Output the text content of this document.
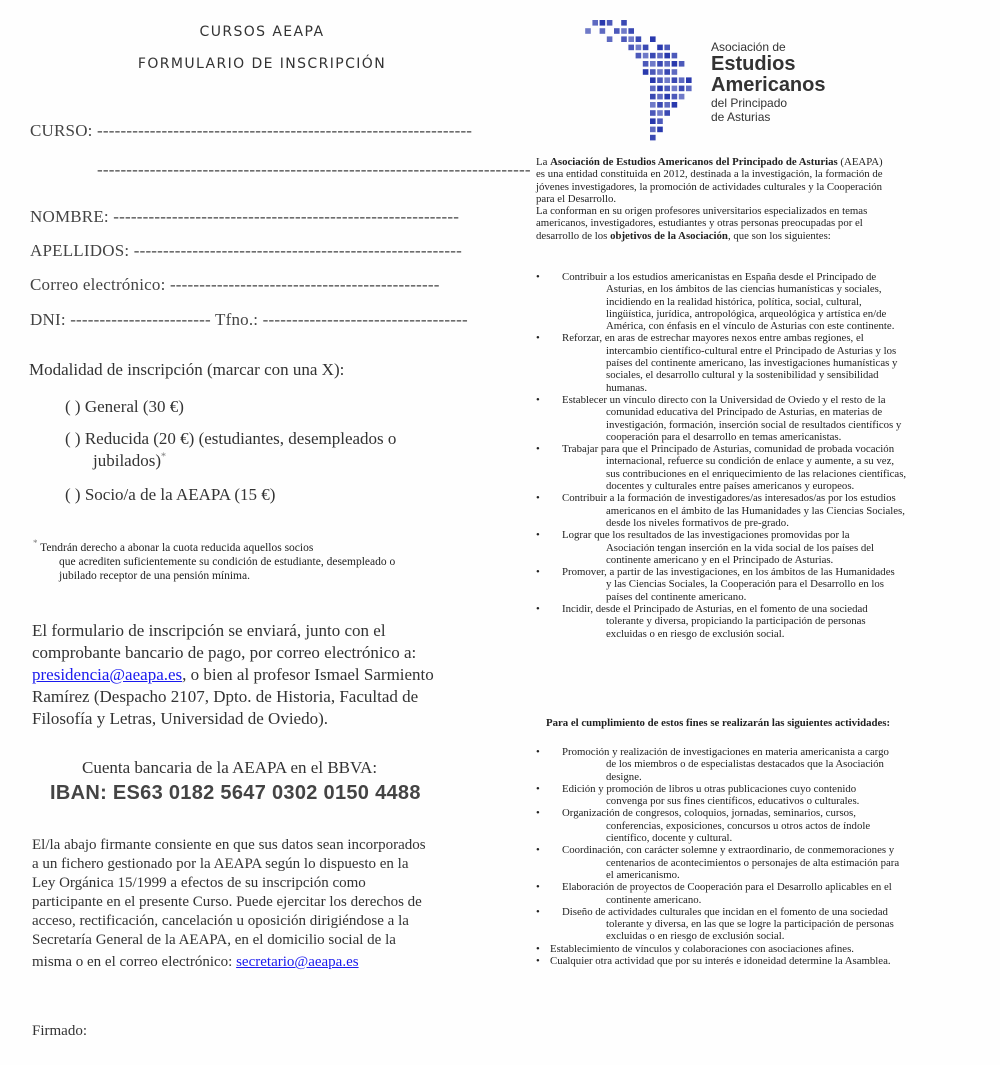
CURSOS AEAPA
FORMULARIO DE INSCRIPCIÓN
CURSO: ----------------------------------------------------------------
--------------------------------------------------------------------------
NOMBRE: -----------------------------------------------------------
APELLIDOS: --------------------------------------------------------
Correo electrónico: ----------------------------------------------
DNI: ------------------------ Tfno.: -----------------------------------
Modalidad de inscripción (marcar con una X):
( ) General (30 €)
( ) Reducida (20 €) (estudiantes, desempleados o
jubilados)*
( ) Socio/a de la AEAPA (15 €)
* Tendrán derecho a abonar la cuota reducida aquellos socios
que acrediten suficientemente su condición de estudiante, desempleado o
jubilado receptor de una pensión mínima.
El formulario de inscripción se enviará, junto con el
comprobante bancario de pago, por correo electrónico a:
presidencia@aeapa.es, o bien al profesor Ismael Sarmiento
Ramírez (Despacho 2107, Dpto. de Historia, Facultad de
Filosofía y Letras, Universidad de Oviedo).
Cuenta bancaria de la AEAPA en el BBVA:
IBAN: ES63 0182 5647 0302 0150 4488
El/la abajo firmante consiente en que sus datos sean incorporados
a un fichero gestionado por la AEAPA según lo dispuesto en la
Ley Orgánica 15/1999 a efectos de su inscripción como
participante en el presente Curso. Puede ejercitar los derechos de
acceso, rectificación, cancelación u oposición dirigiéndose a la
Secretaría General de la AEAPA, en el domicilio social de la
misma o en el correo electrónico: secretario@aeapa.es
Firmado:
Asociación de
Estudios
Americanos
del Principado
de Asturias
La Asociación de Estudios Americanos del Principado de Asturias (AEAPA)
es una entidad constituida en 2012, destinada a la investigación, la formación de
jóvenes investigadores, la promoción de actividades culturales y la Cooperación
para el Desarrollo.
La conforman en su origen profesores universitarios especializados en temas
americanos, investigadores, estudiantes y otras personas preocupadas por el
desarrollo de los objetivos de la Asociación, que son los siguientes:
• Contribuir a los estudios americanistas en España desde el Principado de
Asturias, en los ámbitos de las ciencias humanísticas y sociales,
incidiendo en la realidad histórica, política, social, cultural,
lingüística, jurídica, antropológica, arqueológica y artística en/de
América, con énfasis en el vínculo de Asturias con este continente.
• Reforzar, en aras de estrechar mayores nexos entre ambas regiones, el
intercambio científico-cultural entre el Principado de Asturias y los
países del continente americano, las investigaciones humanísticas y
sociales, el desarrollo cultural y la sostenibilidad y sensibilidad
humanas.
• Establecer un vínculo directo con la Universidad de Oviedo y el resto de la
comunidad educativa del Principado de Asturias, en materias de
investigación, formación, inserción social de resultados científicos y
cooperación para el desarrollo en temas americanistas.
• Trabajar para que el Principado de Asturias, comunidad de probada vocación
internacional, refuerce su condición de enlace y aumente, a su vez,
sus contribuciones en el enriquecimiento de las relaciones científicas,
docentes y culturales entre países americanos y europeos.
• Contribuir a la formación de investigadores/as interesados/as por los estudios
americanos en el ámbito de las Humanidades y las Ciencias Sociales,
desde los niveles formativos de pre-grado.
• Lograr que los resultados de las investigaciones promovidas por la
Asociación tengan inserción en la vida social de los países del
continente americano y en el Principado de Asturias.
• Promover, a partir de las investigaciones, en los ámbitos de las Humanidades
y las Ciencias Sociales, la Cooperación para el Desarrollo en los
países del continente americano.
• Incidir, desde el Principado de Asturias, en el fomento de una sociedad
tolerante y diversa, propiciando la participación de personas
excluidas o en riesgo de exclusión social.
Para el cumplimiento de estos fines se realizarán las siguientes actividades:
• Promoción y realización de investigaciones en materia americanista a cargo
de los miembros o de especialistas destacados que la Asociación
designe.
• Edición y promoción de libros u otras publicaciones cuyo contenido
convenga por sus fines científicos, educativos o culturales.
• Organización de congresos, coloquios, jornadas, seminarios, cursos,
conferencias, exposiciones, concursos u otros actos de índole
científico, docente y cultural.
• Coordinación, con carácter solemne y extraordinario, de conmemoraciones y
centenarios de acontecimientos o personajes de alta estimación para
el americanismo.
• Elaboración de proyectos de Cooperación para el Desarrollo aplicables en el
continente americano.
• Diseño de actividades culturales que incidan en el fomento de una sociedad
tolerante y diversa, en las que se logre la participación de personas
excluidas o en riesgo de exclusión social.
• Establecimiento de vínculos y colaboraciones con asociaciones afines.
• Cualquier otra actividad que por su interés e idoneidad determine la Asamblea.
